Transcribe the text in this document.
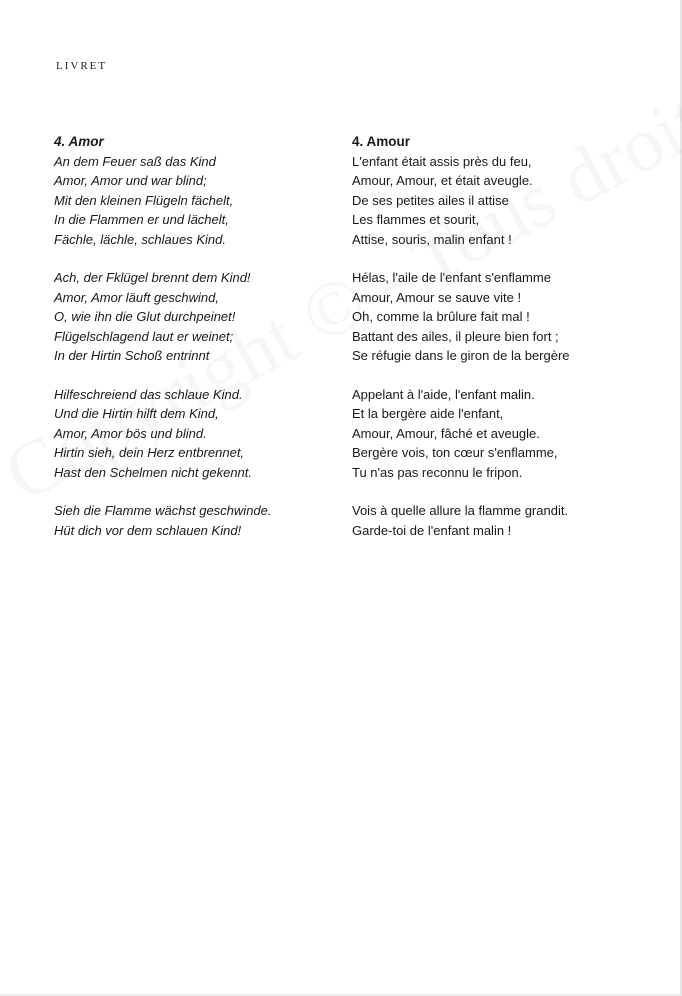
LIVRET
4. Amor
An dem Feuer saß das Kind
Amor, Amor und war blind;
Mit den kleinen Flügeln fächelt,
In die Flammen er und lächelt,
Fächle, lächle, schlaues Kind.
Ach, der Fklügel brennt dem Kind!
Amor, Amor läuft geschwind,
O, wie ihn die Glut durchpeinet!
Flügelschlagend laut er weinet;
In der Hirtin Schoß entrinnt
Hilfeschreiend das schlaue Kind.
Und die Hirtin hilft dem Kind,
Amor, Amor bös und blind.
Hirtin sieh, dein Herz entbrennet,
Hast den Schelmen nicht gekennt.
Sieh die Flamme wächst geschwinde.
Hüt dich vor dem schlauen Kind!
4. Amour
L'enfant était assis près du feu,
Amour, Amour, et était aveugle.
De ses petites ailes il attise
Les flammes et sourit,
Attise, souris, malin enfant !
Hélas, l'aile de l'enfant s'enflamme
Amour, Amour se sauve vite !
Oh, comme la brûlure fait mal !
Battant des ailes, il pleure bien fort ;
Se réfugie dans le giron de la bergère
Appelant à l'aide, l'enfant malin.
Et la bergère aide l'enfant,
Amour, Amour, fâché et aveugle.
Bergère vois, ton cœur s'enflamme,
Tu n'as pas reconnu le fripon.
Vois à quelle allure la flamme grandit.
Garde-toi de l'enfant malin !
